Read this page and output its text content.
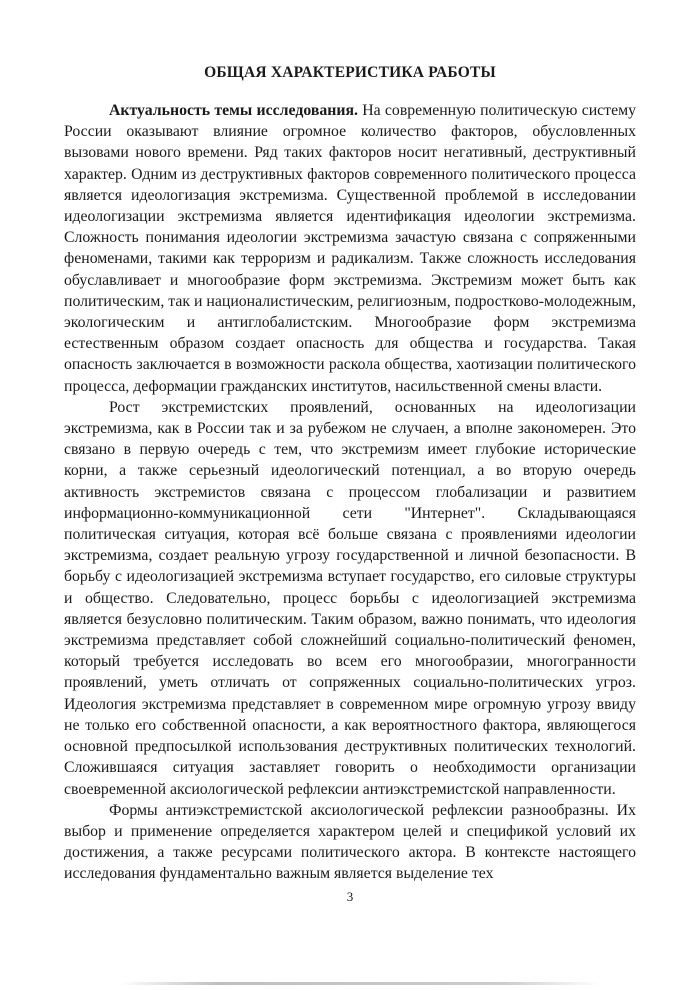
ОБЩАЯ ХАРАКТЕРИСТИКА РАБОТЫ

Актуальность темы исследования. На современную политическую систему России оказывают влияние огромное количество факторов, обусловленных вызовами нового времени. Ряд таких факторов носит негативный, деструктивный характер. Одним из деструктивных факторов современного политического процесса является идеологизация экстремизма. Существенной проблемой в исследовании идеологизации экстремизма является идентификация идеологии экстремизма. Сложность понимания идеологии экстремизма зачастую связана с сопряженными феноменами, такими как терроризм и радикализм. Также сложность исследования обуславливает и многообразие форм экстремизма. Экстремизм может быть как политическим, так и националистическим, религиозным, подростково-молодежным, экологическим и антиглобалистским. Многообразие форм экстремизма естественным образом создает опасность для общества и государства. Такая опасность заключается в возможности раскола общества, хаотизации политического процесса, деформации гражданских институтов, насильственной смены власти.

Рост экстремистских проявлений, основанных на идеологизации экстремизма, как в России так и за рубежом не случаен, а вполне закономерен. Это связано в первую очередь с тем, что экстремизм имеет глубокие исторические корни, а также серьезный идеологический потенциал, а во вторую очередь активность экстремистов связана с процессом глобализации и развитием информационно-коммуникационной сети "Интернет". Складывающаяся политическая ситуация, которая всё больше связана с проявлениями идеологии экстремизма, создает реальную угрозу государственной и личной безопасности. В борьбу с идеологизацией экстремизма вступает государство, его силовые структуры и общество. Следовательно, процесс борьбы с идеологизацией экстремизма является безусловно политическим. Таким образом, важно понимать, что идеология экстремизма представляет собой сложнейший социально-политический феномен, который требуется исследовать во всем его многообразии, многогранности проявлений, уметь отличать от сопряженных социально-политических угроз. Идеология экстремизма представляет в современном мире огромную угрозу ввиду не только его собственной опасности, а как вероятностного фактора, являющегося основной предпосылкой использования деструктивных политических технологий. Сложившаяся ситуация заставляет говорить о необходимости организации своевременной аксиологической рефлексии антиэкстремистской направленности.

Формы антиэкстремистской аксиологической рефлексии разнообразны. Их выбор и применение определяется характером целей и спецификой условий их достижения, а также ресурсами политического актора. В контексте настоящего исследования фундаментально важным является выделение тех

3
